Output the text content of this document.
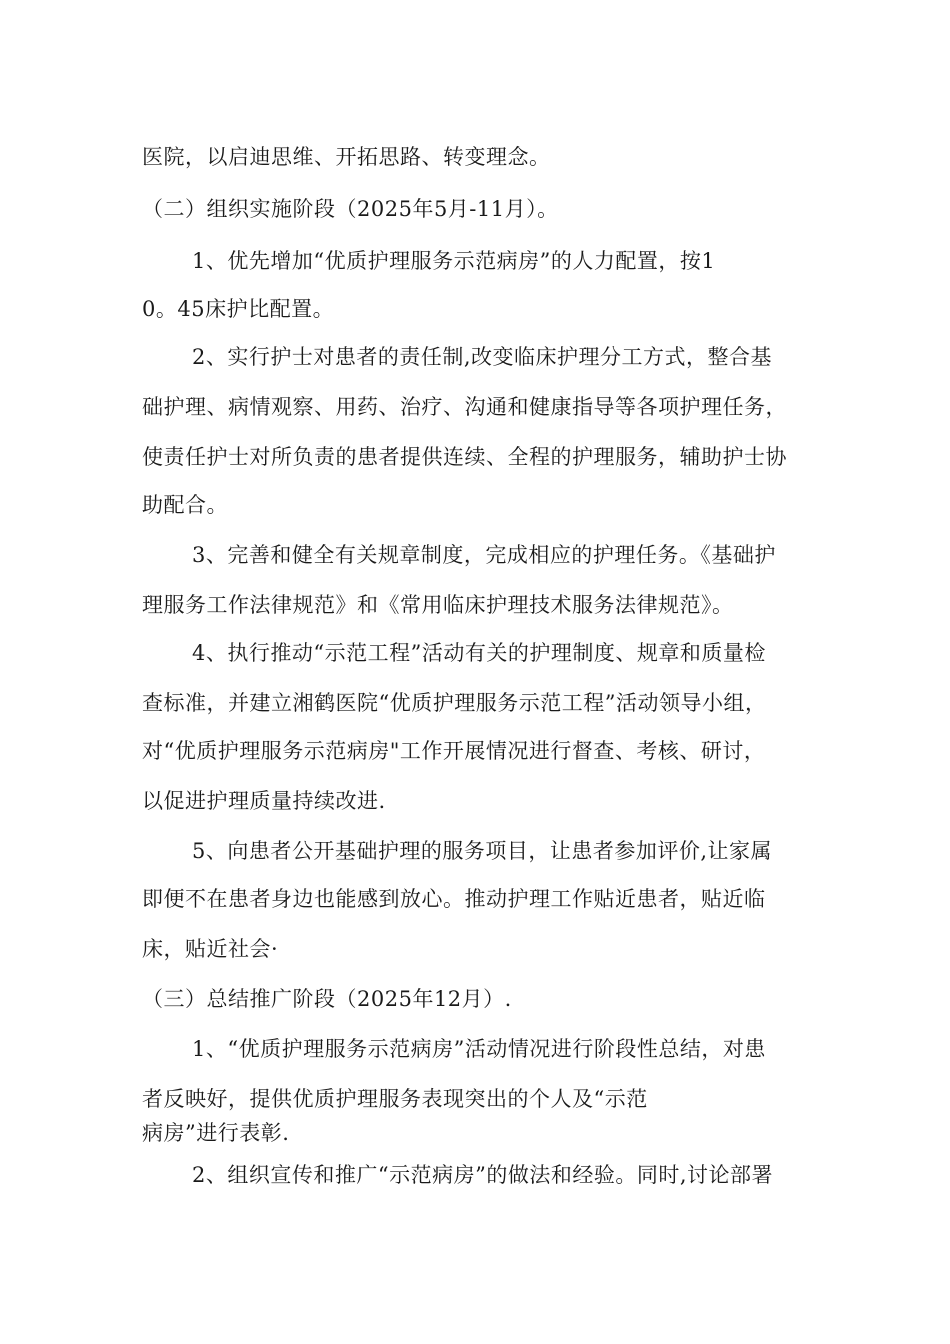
医院，以启迪思维、开拓思路、转变理念。
（二）组织实施阶段（2025年5月-11月）。
1、优先增加“优质护理服务示范病房”的人力配置，按1
0。45床护比配置。
2、实行护士对患者的责任制,改变临床护理分工方式，整合基
础护理、病情观察、用药、治疗、沟通和健康指导等各项护理任务，
使责任护士对所负责的患者提供连续、全程的护理服务，辅助护士协
助配合。
3、完善和健全有关规章制度，完成相应的护理任务。《基础护
理服务工作法律规范》和《常用临床护理技术服务法律规范》。
4、执行推动“示范工程”活动有关的护理制度、规章和质量检
查标准，并建立湘鹤医院“优质护理服务示范工程”活动领导小组，
对“优质护理服务示范病房"工作开展情况进行督查、考核、研讨，
以促进护理质量持续改进.
5、向患者公开基础护理的服务项目，让患者参加评价,让家属
即便不在患者身边也能感到放心。推动护理工作贴近患者，贴近临
床，贴近社会·
（三）总结推广阶段（2025年12月）.
1、“优质护理服务示范病房”活动情况进行阶段性总结，对患
者反映好，提供优质护理服务表现突出的个人及“示范
病房”进行表彰.
2、组织宣传和推广“示范病房”的做法和经验。同时,讨论部署
